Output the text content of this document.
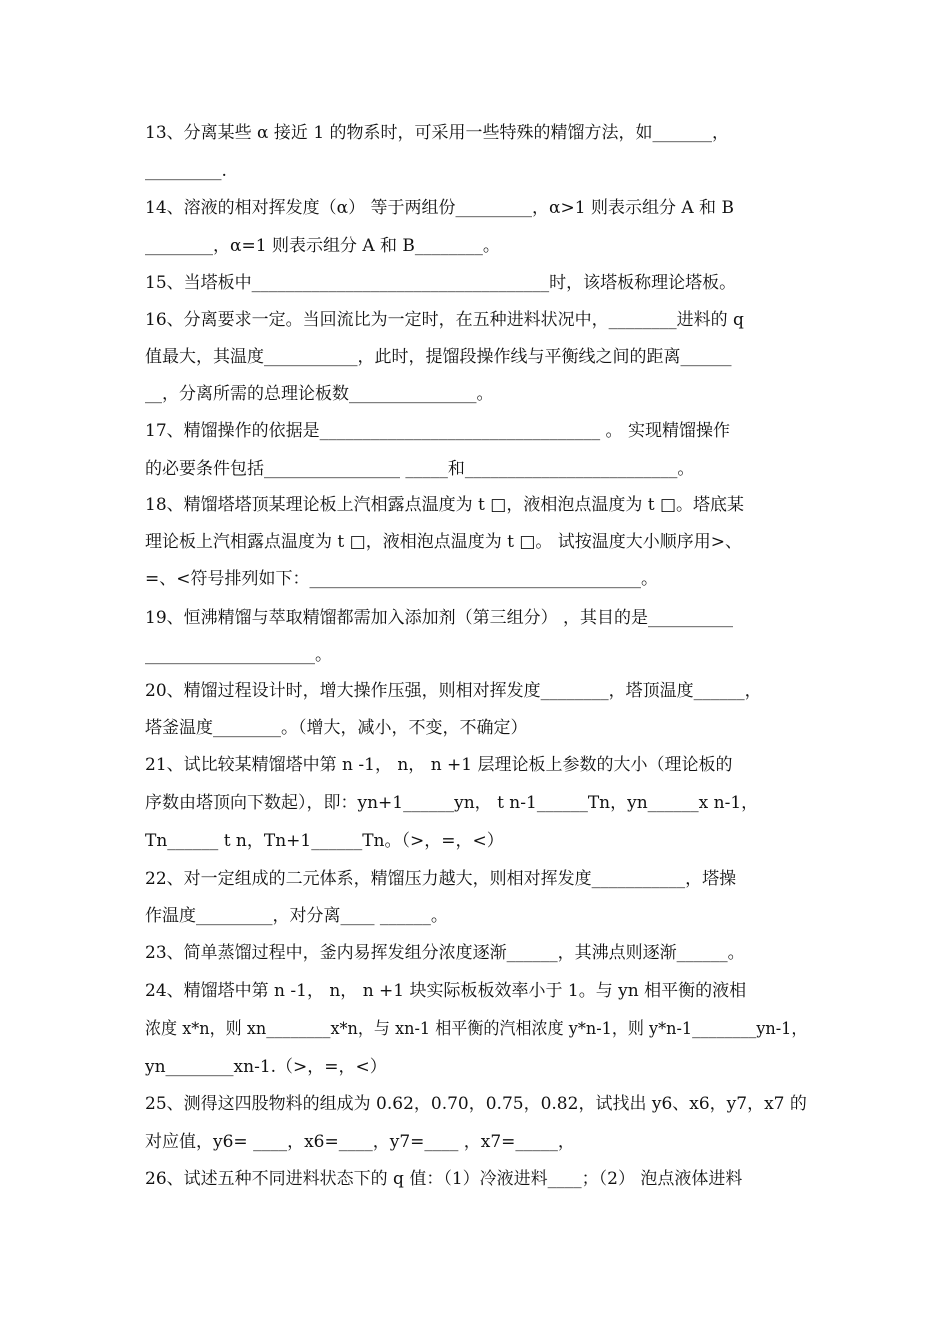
13、分离某些 α 接近 1 的物系时，可采用一些特殊的精馏方法，如_______，
_________.
14、溶液的相对挥发度（α） 等于两组份_________，α>1 则表示组分 A 和 B
________，α=1 则表示组分 A 和 B________。
15、当塔板中___________________________________时，该塔板称理论塔板。
16、分离要求一定。当回流比为一定时，在五种进料状况中，________进料的 q
值最大，其温度___________，此时，提馏段操作线与平衡线之间的距离______
__，分离所需的总理论板数_______________。
17、精馏操作的依据是_________________________________ 。 实现精馏操作
的必要条件包括________________ _____和_________________________。
18、精馏塔塔顶某理论板上汽相露点温度为 t □，液相泡点温度为 t □。塔底某
理论板上汽相露点温度为 t □，液相泡点温度为 t □。 试按温度大小顺序用>、
=、<符号排列如下：_______________________________________。
19、恒沸精馏与萃取精馏都需加入添加剂（第三组分） ，其目的是__________
____________________。
20、精馏过程设计时，增大操作压强，则相对挥发度________，塔顶温度______，
塔釜温度________。（增大，减小，不变，不确定）
21、试比较某精馏塔中第 n -1， n， n +1 层理论板上参数的大小（理论板的
序数由塔顶向下数起），即：yn+1______yn， t n-1______Tn，yn______x n-1，
Tn______ t n，Tn+1______Tn。（>，=，<）
22、对一定组成的二元体系，精馏压力越大，则相对挥发度___________，塔操
作温度_________，对分离____ ______。
23、简单蒸馏过程中，釜内易挥发组分浓度逐渐______，其沸点则逐渐______。
24、精馏塔中第 n -1， n， n +1 块实际板板效率小于 1。与 yn 相平衡的液相
浓度 x*n，则 xn________x*n，与 xn-1 相平衡的汽相浓度 y*n-1，则 y*n-1________yn-1，
yn________xn-1.（>，=，<）
25、测得这四股物料的组成为 0.62，0.70，0.75，0.82，试找出 y6、x6，y7，x7 的
对应值，y6= ____，x6=____，y7=____ ，x7=_____，
26、试述五种不同进料状态下的 q 值：（1）冷液进料____；（2） 泡点液体进料
